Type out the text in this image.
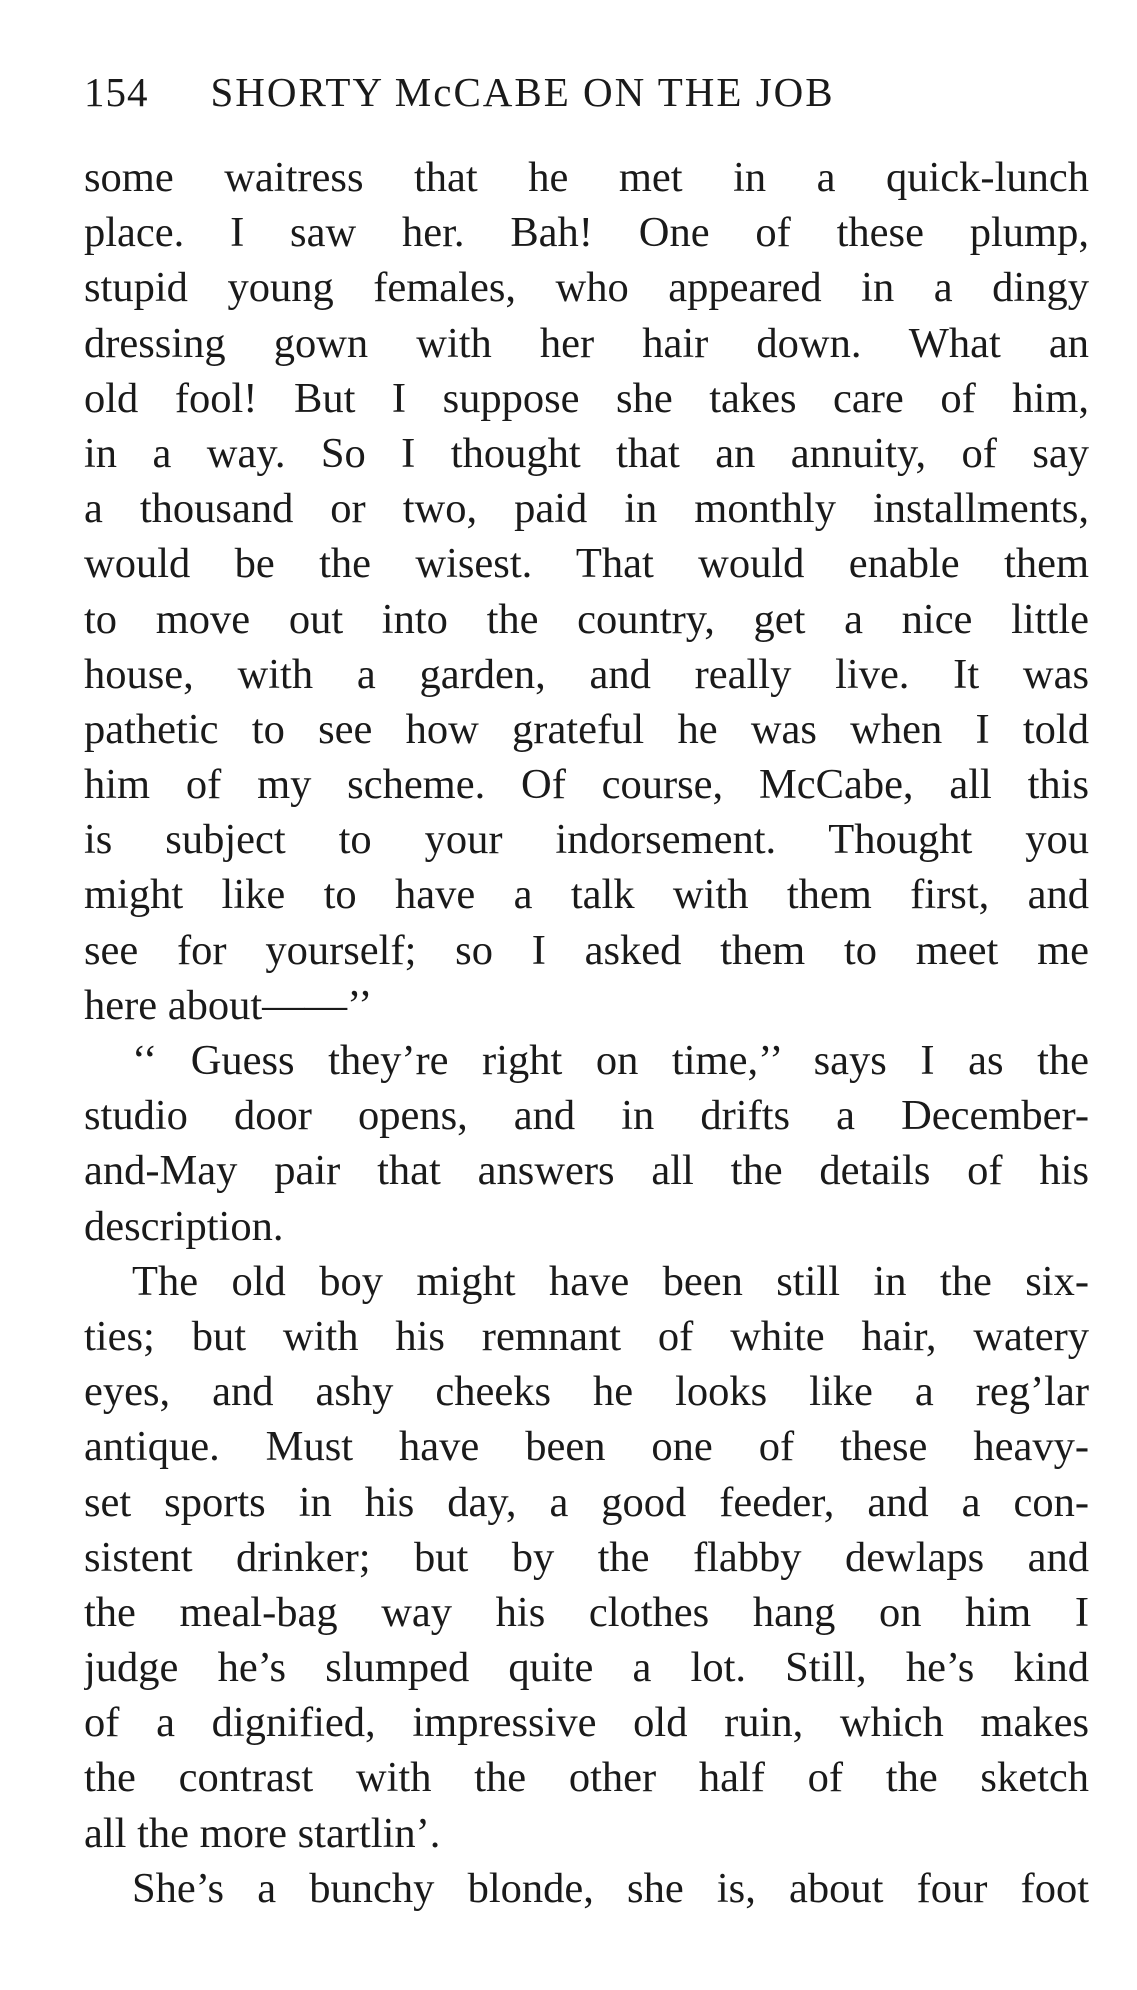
154 SHORTY McCABE ON THE JOB
some waitress that he met in a quick-lunch
place. I saw her. Bah! One of these plump,
stupid young females, who appeared in a dingy
dressing gown with her hair down. What an
old fool! But I suppose she takes care of him,
in a way. So I thought that an annuity, of say
a thousand or two, paid in monthly installments,
would be the wisest. That would enable them
to move out into the country, get a nice little
house, with a garden, and really live. It was
pathetic to see how grateful he was when I told
him of my scheme. Of course, McCabe, all this
is subject to your indorsement. Thought you
might like to have a talk with them first, and
see for yourself; so I asked them to meet me
here about——’’
‘‘ Guess they’re right on time,’’ says I as the
studio door opens, and in drifts a December-
and-May pair that answers all the details of his
description.
The old boy might have been still in the six-
ties; but with his remnant of white hair, watery
eyes, and ashy cheeks he looks like a reg’lar
antique. Must have been one of these heavy-
set sports in his day, a good feeder, and a con-
sistent drinker; but by the flabby dewlaps and
the meal-bag way his clothes hang on him I
judge he’s slumped quite a lot. Still, he’s kind
of a dignified, impressive old ruin, which makes
the contrast with the other half of the sketch
all the more startlin’.
She’s a bunchy blonde, she is, about four foot
